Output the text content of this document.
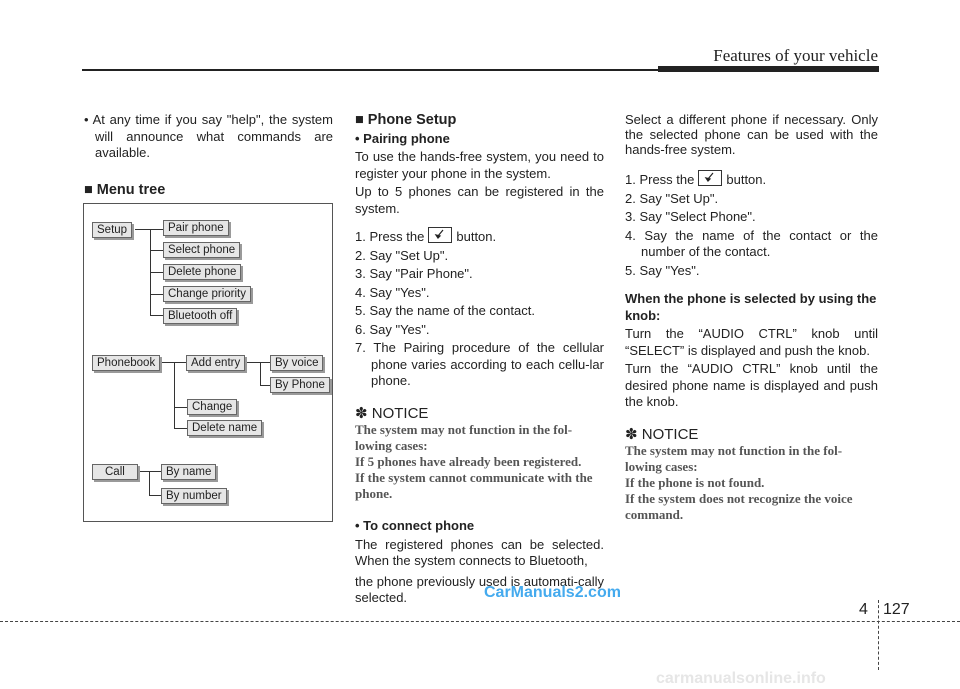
Features of your vehicle

• At any time if you say "help", the system will announce what commands are available.

■ Menu tree

Setup	Pair phone
Select phone
Delete phone
Change priority
Bluetooth off
Phonebook	Add entry	By voice
By Phone
Change
Delete name
Call	By name
By number

■ Phone Setup

• Pairing phone

To use the hands-free system, you need to register your phone in the system.

Up to 5 phones can be registered in the system.

1. Press the button.

2. Say "Set Up".

3. Say "Pair Phone".

4. Say "Yes".

5. Say the name of the contact.

6. Say "Yes".

7. The Pairing procedure of the cellular phone varies according to each cellu-lar phone.

✽ NOTICE

The system may not function in the fol-lowing cases:
If 5 phones have already been registered.
If the system cannot communicate with the phone.

• To connect phone

The registered phones can be selected. When the system connects to Bluetooth,

the phone previously used is automati-cally selected.

Select a different phone if necessary. Only the selected phone can be used with the hands-free system.

1. Press the button.

2. Say "Set Up".

3. Say "Select Phone".

4. Say the name of the contact or the number of the contact.

5. Say "Yes".

When the phone is selected by using the knob:

Turn the “AUDIO CTRL” knob until “SELECT” is displayed and push the knob.

Turn the “AUDIO CTRL” knob until the desired phone name is displayed and push the knob.

✽ NOTICE

The system may not function in the fol-lowing cases:
If the phone is not found.
If the system does not recognize the voice command.

CarManuals2.com
4 127
carmanualsonline.info
